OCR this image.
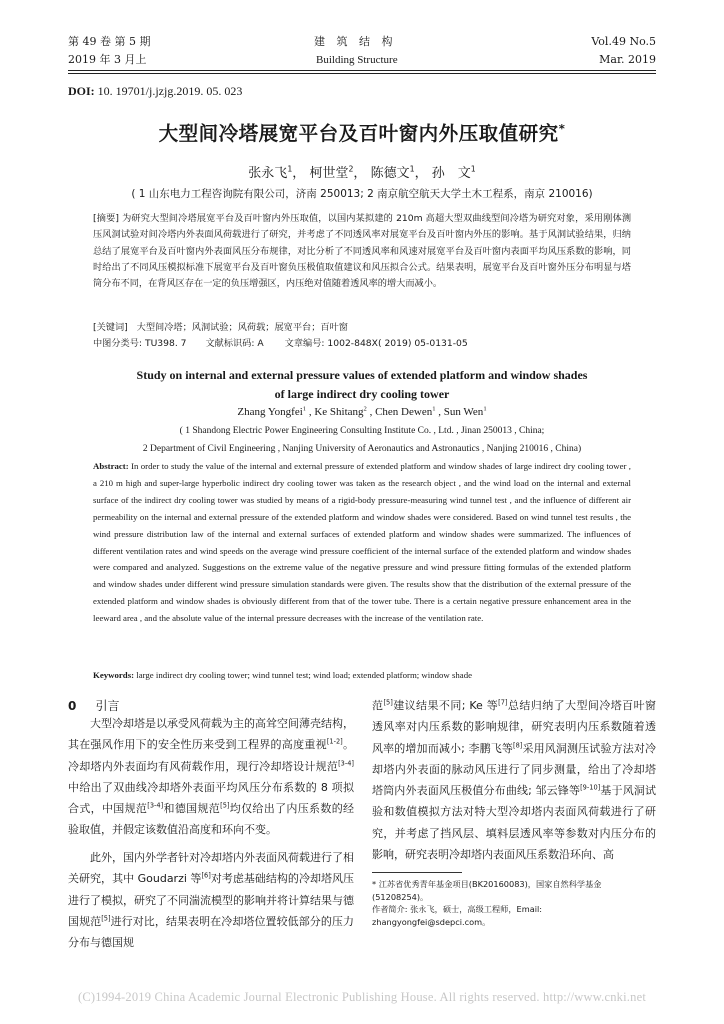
第 49 卷 第 5 期
2019 年 3 月上
建 筑 结 构
Building Structure
Vol.49 No.5
Mar. 2019
DOI: 10. 19701/j.jzjg.2019. 05. 023
大型间冷塔展宽平台及百叶窗内外压取值研究*
张永飞$^1$， 柯世堂$^2$， 陈德文$^1$， 孙　文$^1$
( 1 山东电力工程咨询院有限公司，济南 250013; 2 南京航空航天大学土木工程系，南京 210016)
[摘要] 为研究大型间冷塔展宽平台及百叶窗内外压取值，以国内某拟建的 210m 高超大型双曲线型间冷塔为研究对象，采用刚体测压风洞试验对间冷塔内外表面风荷载进行了研究，并考虑了不同透风率对展宽平台及百叶窗内外压的影响。基于风洞试验结果，归纳总结了展宽平台及百叶窗内外表面风压分布规律，对比分析了不同透风率和风速对展宽平台及百叶窗内表面平均风压系数的影响，同时给出了不同风压模拟标准下展宽平台及百叶窗负压极值取值建议和风压拟合公式。结果表明，展宽平台及百叶窗外压分布明显与塔筒分布不同，在背风区存在一定的负压增强区，内压绝对值随着透风率的增大而减小。
[关键词] 大型间冷塔；风洞试验；风荷载；展宽平台；百叶窗
中图分类号: TU398. 7 文献标识码: A 文章编号: 1002-848X( 2019) 05-0131-05
Study on internal and external pressure values of extended platform and window shades
of large indirect dry cooling tower
Zhang Yongfei$^1$ , Ke Shitang$^2$ , Chen Dewen$^1$ , Sun Wen$^1$
( 1 Shandong Electric Power Engineering Consulting Institute Co. , Ltd. , Jinan 250013 , China;
2 Department of Civil Engineering , Nanjing University of Aeronautics and Astronautics , Nanjing 210016 , China)
Abstract: In order to study the value of the internal and external pressure of extended platform and window shades of large indirect dry cooling tower , a 210 m high and super-large hyperbolic indirect dry cooling tower was taken as the research object , and the wind load on the internal and external surface of the indirect dry cooling tower was studied by means of a rigid-body pressure-measuring wind tunnel test , and the influence of different air permeability on the internal and external pressure of the extended platform and window shades were considered. Based on wind tunnel test results , the wind pressure distribution law of the internal and external surfaces of extended platform and window shades were summarized. The influences of different ventilation rates and wind speeds on the average wind pressure coefficient of the internal surface of the extended platform and window shades were compared and analyzed. Suggestions on the extreme value of the negative pressure and wind pressure fitting formulas of the extended platform and window shades under different wind pressure simulation standards were given. The results show that the distribution of the external pressure of the extended platform and window shades is obviously different from that of the tower tube. There is a certain negative pressure enhancement area in the leeward area , and the absolute value of the internal pressure decreases with the increase of the ventilation rate.
Keywords: large indirect dry cooling tower; wind tunnel test; wind load; extended platform; window shade
0 引言
大型冷却塔是以承受风荷载为主的高耸空间薄壳结构，其在强风作用下的安全性历来受到工程界的高度重视[1-2]。冷却塔内外表面均有风荷载作用，现行冷却塔设计规范[3-4]中给出了双曲线冷却塔外表面平均风压分布系数的 8 项拟合式，中国规范[3-4]和德国规范[5]均仅给出了内压系数的经验取值，并假定该数值沿高度和环向不变。
此外，国内外学者针对冷却塔内外表面风荷载进行了相关研究，其中 Goudarzi 等[6]对考虑基础结构的冷却塔风压进行了模拟，研究了不同湍流模型的影响并将计算结果与德国规范[5]进行对比，结果表明在冷却塔位置较低部分的压力分布与德国规
范[5]建议结果不同; Ke 等[7]总结归纳了大型间冷塔百叶窗透风率对内压系数的影响规律，研究表明内压系数随着透风率的增加而减小; 李鹏飞等[8]采用风洞测压试验方法对冷却塔内外表面的脉动风压进行了同步测量，给出了冷却塔塔筒内外表面风压极值分布曲线; 邹云锋等[9-10]基于风洞试验和数值模拟方法对特大型冷却塔内表面风荷载进行了研究，并考虑了挡风层、填料层透风率等参数对内压分布的影响，研究表明冷却塔内表面风压系数沿环向、高
* 江苏省优秀青年基金项目(BK20160083)，国家自然科学基金(51208254)。
作者简介: 张永飞，硕士，高级工程师，Email: zhangyongfei@sdepci.com。
(C)1994-2019 China Academic Journal Electronic Publishing House. All rights reserved. http://www.cnki.net
